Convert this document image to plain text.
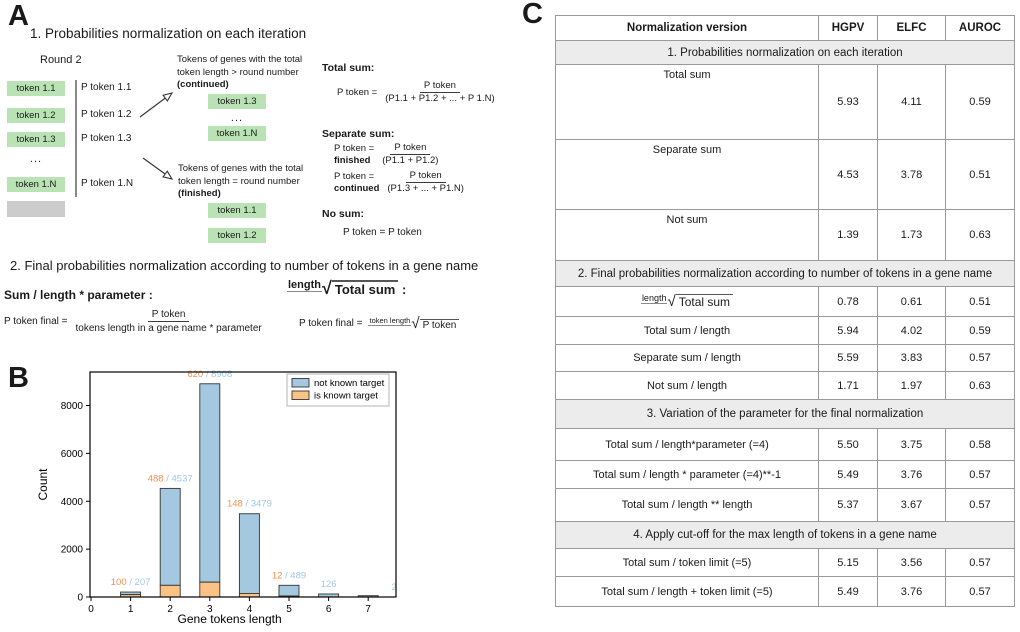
A
1. Probabilities normalization on each iteration
Round 2
token 1.1
token 1.2
token 1.3
...
token 1.N
P token 1.1
P token 1.2
P token 1.3
P token 1.N
Tokens of genes with the total
token length > round number
(continued)
token 1.3
...
token 1.N
Tokens of genes with the total
token length = round number
(finished)
token 1.1
token 1.2
Total sum:
P token = $\frac{\text{P token}}{(P1.1 + P1.2 + ... + P 1.N)}$
Separate sum:
P token =
finished	$\frac{\text{P token}}{(P1.1 + P1.2)}$
P token =
continued $\frac{\text{P token}}{(P1.3 + ... + P1.N)}$
No sum:
P token = P token
2. Final probabilities normalization according to number of tokens in a gene name
Sum / length * parameter :
P token final = $\frac{\text{P token}}{\text{tokens length in a gene name * parameter}}$
$^{length}$√ Total sum :
P token final = $^{token length}$√ P token
B
0
2000
4000
6000
8000
0	1	2	3	4	5	6	7
100 / 207
488 / 4537
620 / 8908
148 / 3479
12 / 489
126	2
not known target
is known target
Gene tokens length
Count
C	Normalization version	HGPV	ELFC	AUROC
1. Probabilities normalization on each iteration			
Total sum	5.93	4.11	0.59
Separate sum	4.53	3.78	0.51
Not sum	1.39	1.73	0.63
2. Final probabilities normalization according to number of tokens in a gene name			
$^{length}$√ Total sum	0.78	0.61	0.51
Total sum / length	5.94	4.02	0.59
Separate sum / length	5.59	3.83	0.57
Not sum / length	1.71	1.97	0.63
3. Variation of the parameter for the final normalization			
Total sum / length*parameter (=4)	5.50	3.75	0.58
Total sum / length * parameter (=4)**-1	5.49	3.76	0.57
Total sum / length ** length	5.37	3.67	0.57
4. Apply cut-off for the max length of tokens in a gene name			
Total sum / token limit (=5)	5.15	3.56	0.57
Total sum / length + token limit (=5)	5.49	3.76	0.57
